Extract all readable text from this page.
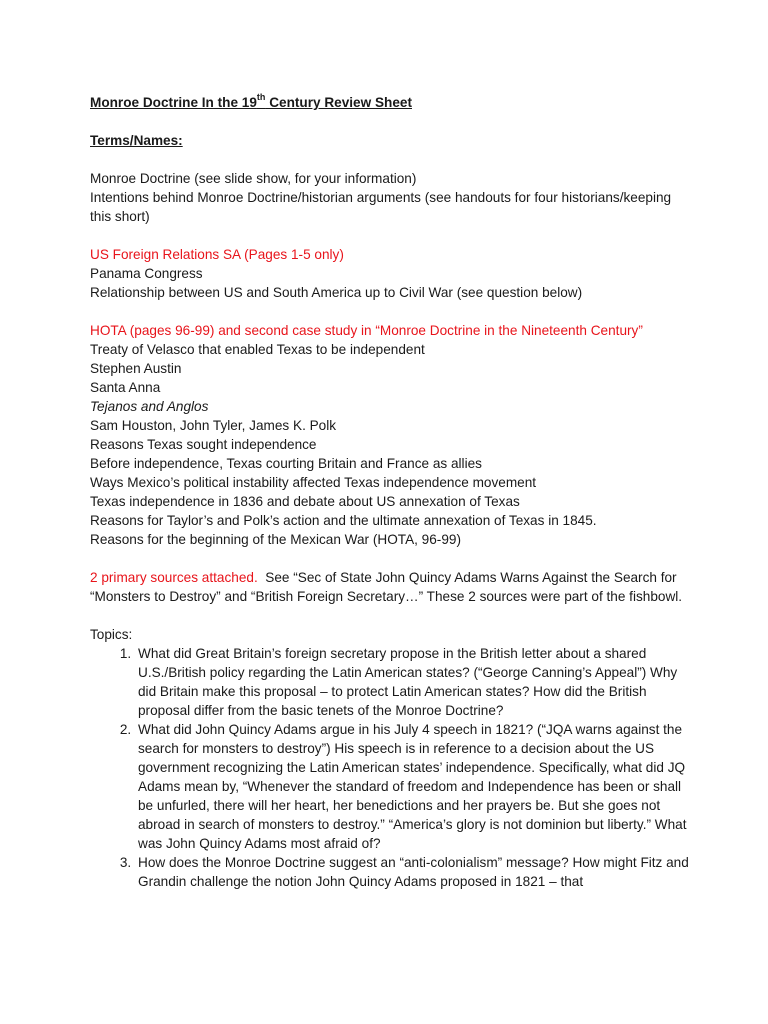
Monroe Doctrine In the 19th Century Review Sheet

Terms/Names:

Monroe Doctrine (see slide show, for your information)

Intentions behind Monroe Doctrine/historian arguments (see handouts for four historians/keeping this short)

US Foreign Relations SA (Pages 1-5 only)

Panama Congress

Relationship between US and South America up to Civil War (see question below)

HOTA (pages 96-99) and second case study in “Monroe Doctrine in the Nineteenth Century”

Treaty of Velasco that enabled Texas to be independent

Stephen Austin

Santa Anna

Tejanos and Anglos

Sam Houston, John Tyler, James K. Polk

Reasons Texas sought independence

Before independence, Texas courting Britain and France as allies

Ways Mexico’s political instability affected Texas independence movement

Texas independence in 1836 and debate about US annexation of Texas

Reasons for Taylor’s and Polk’s action and the ultimate annexation of Texas in 1845.

Reasons for the beginning of the Mexican War (HOTA, 96-99)

2 primary sources attached.  See “Sec of State John Quincy Adams Warns Against the Search for “Monsters to Destroy” and “British Foreign Secretary…” These 2 sources were part of the fishbowl.

Topics:

1. What did Great Britain’s foreign secretary propose in the British letter about a shared U.S./British policy regarding the Latin American states? (“George Canning’s Appeal”) Why did Britain make this proposal – to protect Latin American states? How did the British proposal differ from the basic tenets of the Monroe Doctrine?
2. What did John Quincy Adams argue in his July 4 speech in 1821? (“JQA warns against the search for monsters to destroy”) His speech is in reference to a decision about the US government recognizing the Latin American states’ independence. Specifically, what did JQ Adams mean by, “Whenever the standard of freedom and Independence has been or shall be unfurled, there will her heart, her benedictions and her prayers be. But she goes not abroad in search of monsters to destroy.” “America’s glory is not dominion but liberty.” What was John Quincy Adams most afraid of?
3. How does the Monroe Doctrine suggest an “anti-colonialism” message? How might Fitz and Grandin challenge the notion John Quincy Adams proposed in 1821 – that
